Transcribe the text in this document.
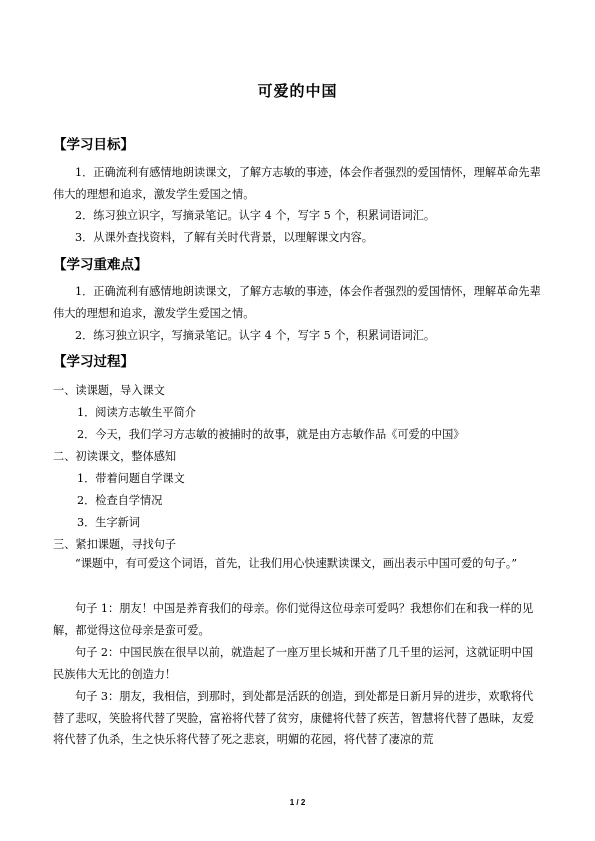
可爱的中国
【学习目标】
1．正确流利有感情地朗读课文，了解方志敏的事迹，体会作者强烈的爱国情怀，理解革命先辈伟大的理想和追求，激发学生爱国之情。
2．练习独立识字，写摘录笔记。认字 4 个，写字 5 个，积累词语词汇。
3．从课外查找资料，了解有关时代背景，以理解课文内容。
【学习重难点】
1．正确流利有感情地朗读课文，了解方志敏的事迹，体会作者强烈的爱国情怀，理解革命先辈伟大的理想和追求，激发学生爱国之情。
2．练习独立识字，写摘录笔记。认字 4 个，写字 5 个，积累词语词汇。
【学习过程】
一、读课题，导入课文
1．阅读方志敏生平简介
2．今天，我们学习方志敏的被捕时的故事，就是由方志敏作品《可爱的中国》
二、初读课文，整体感知
1．带着问题自学课文
2．检查自学情况
3．生字新词
三、紧扣课题，寻找句子
“课题中，有可爱这个词语，首先，让我们用心快速默读课文，画出表示中国可爱的句子。”
句子 1：朋友！中国是养育我们的母亲。你们觉得这位母亲可爱吗？我想你们在和我一样的见解，都觉得这位母亲是蛮可爱。
句子 2：中国民族在很早以前，就造起了一座万里长城和开凿了几千里的运河，这就证明中国民族伟大无比的创造力！
句子 3：朋友，我相信，到那时，到处都是活跃的创造，到处都是日新月异的进步，欢歌将代替了悲叹，笑脸将代替了哭脸，富裕将代替了贫穷，康健将代替了疾苦，智慧将代替了愚昧，友爱将代替了仇杀，生之快乐将代替了死之悲哀，明媚的花园，将代替了凄凉的荒
1 / 2
